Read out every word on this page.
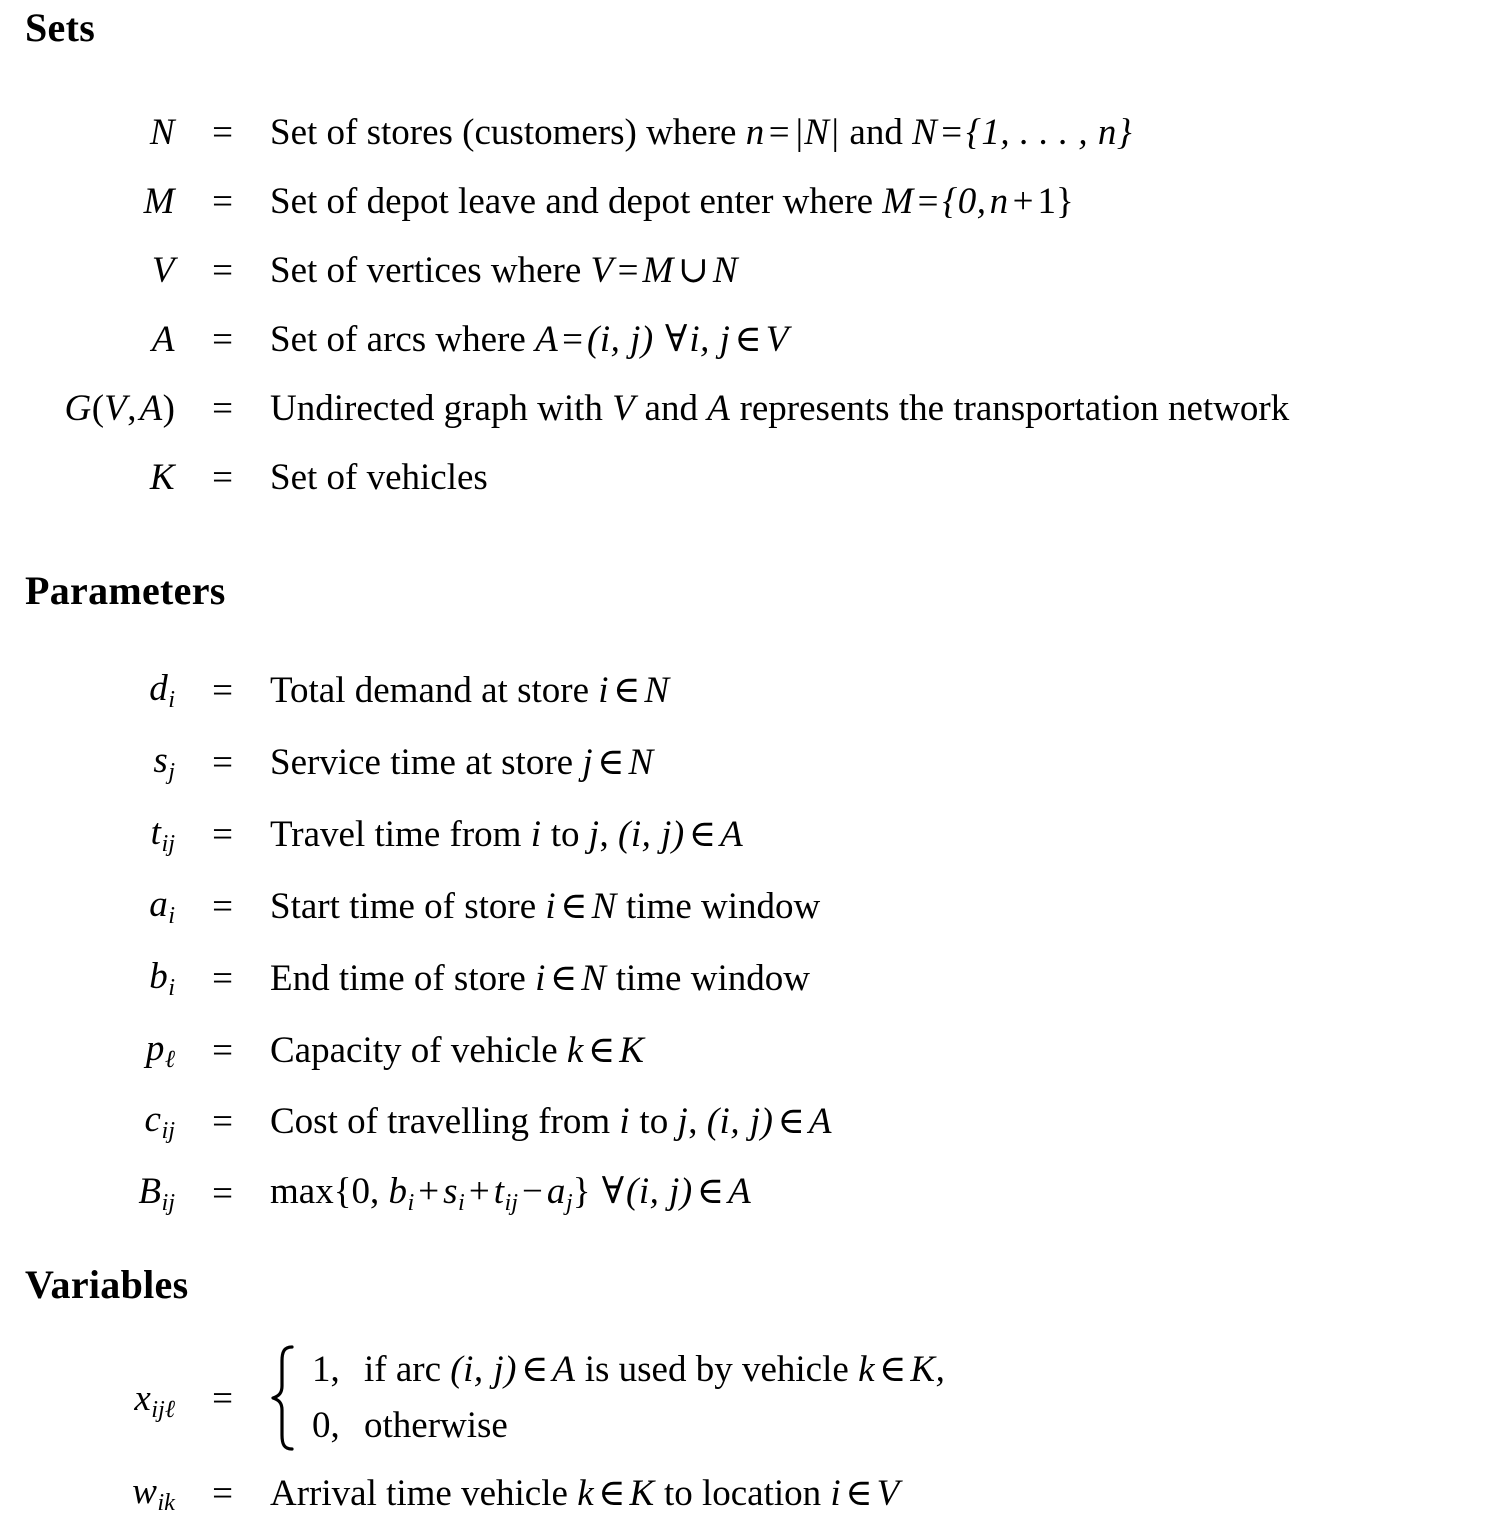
Sets
N	=	Set of stores (customers) where n = |N| and N = {1, . . . , n}
M	=	Set of depot leave and depot enter where M = {0, n + 1}
V	=	Set of vertices where V = M ∪ N
A	=	Set of arcs where A = (i, j) ∀i, j ∈ V
G(V, A)	=	Undirected graph with V and A represents the transportation network
K	=	Set of vehicles
Parameters
$d_i$	=	Total demand at store i ∈ N
$s_j$	=	Service time at store j ∈ N
$t_{ij}$	=	Travel time from i to j, (i, j) ∈ A
$a_i$	=	Start time of store i ∈ N time window
$b_i$	=	End time of store i ∈ N time window
$p_\ell$	=	Capacity of vehicle k ∈ K
$c_{ij}$	=	Cost of travelling from i to j, (i, j) ∈ A
$B_{ij}$	=	max{0, $b_i + s_i + t_{ij} - a_j$} ∀(i, j) ∈ A
Variables
$x_{ij\ell}$	=	1, if arc (i, j) ∈ A is used by vehicle k ∈ K,
0, otherwise

$w_{ik}$	=	Arrival time vehicle k ∈ K to location i ∈ V
